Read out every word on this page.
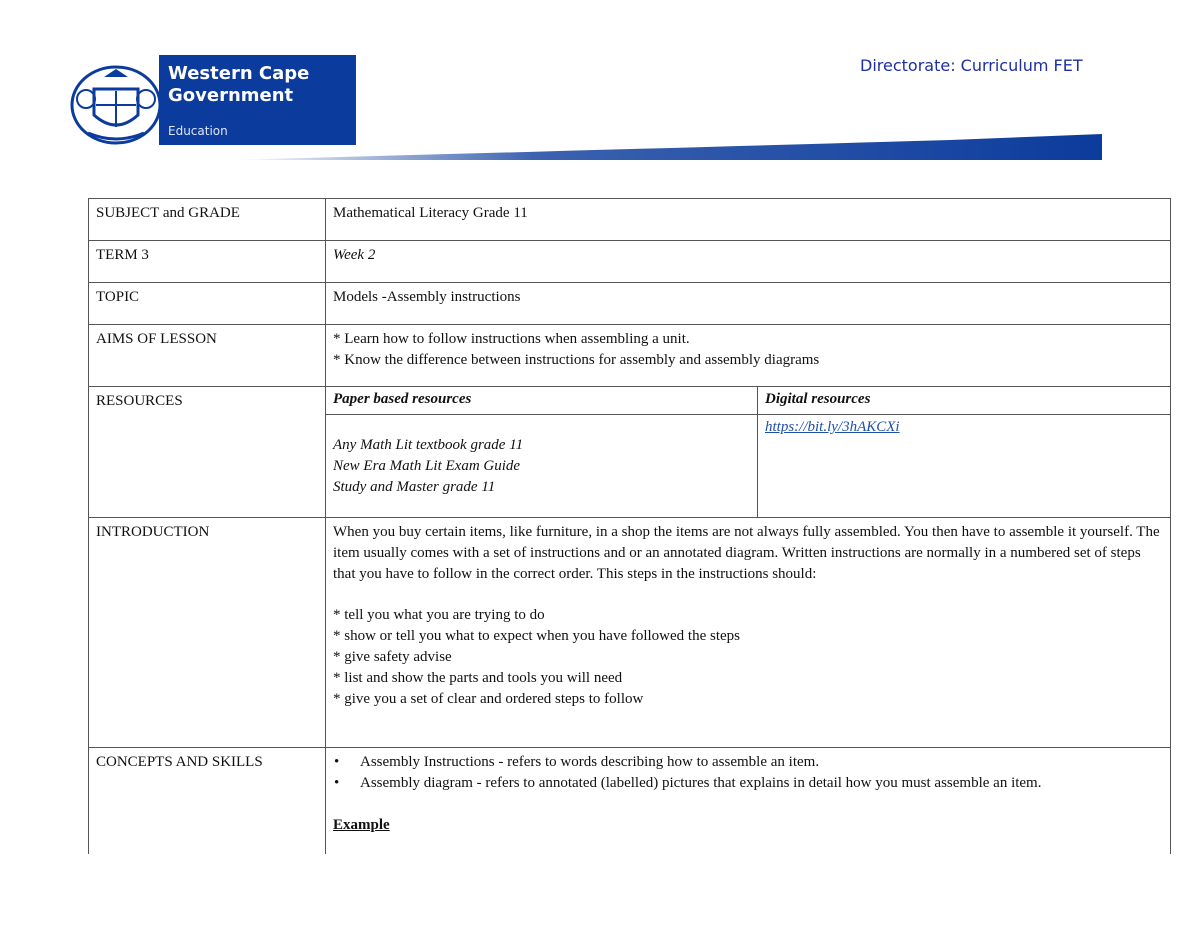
Western Cape
Government
Education
Directorate: Curriculum FET
SUBJECT and GRADE	Mathematical Literacy Grade 11
TERM 3	Week 2
TOPIC	Models -Assembly instructions
AIMS OF LESSON	* Learn how to follow instructions when assembling a unit.
* Know the difference between instructions for assembly and assembly diagrams
RESOURCES	Paper based resources	Digital resources
Any Math Lit textbook grade 11
New Era Math Lit Exam Guide
Study and Master grade 11
https://bit.ly/3hAKCXi
INTRODUCTION	When you buy certain items, like furniture, in a shop the items are not always fully assembled. You then have to assemble it yourself. The item usually comes with a set of instructions and or an annotated diagram. Written instructions are normally in a numbered set of steps that you have to follow in the correct order. This steps in the instructions should:
* tell you what you are trying to do
* show or tell you what to expect when you have followed the steps
* give safety advise
* list and show the parts and tools you will need
* give you a set of clear and ordered steps to follow
CONCEPTS AND SKILLS
•	Assembly Instructions - refers to words describing how to assemble an item.
• Assembly diagram - refers to annotated (labelled) pictures that explains in detail how you must assemble an item.
Example
